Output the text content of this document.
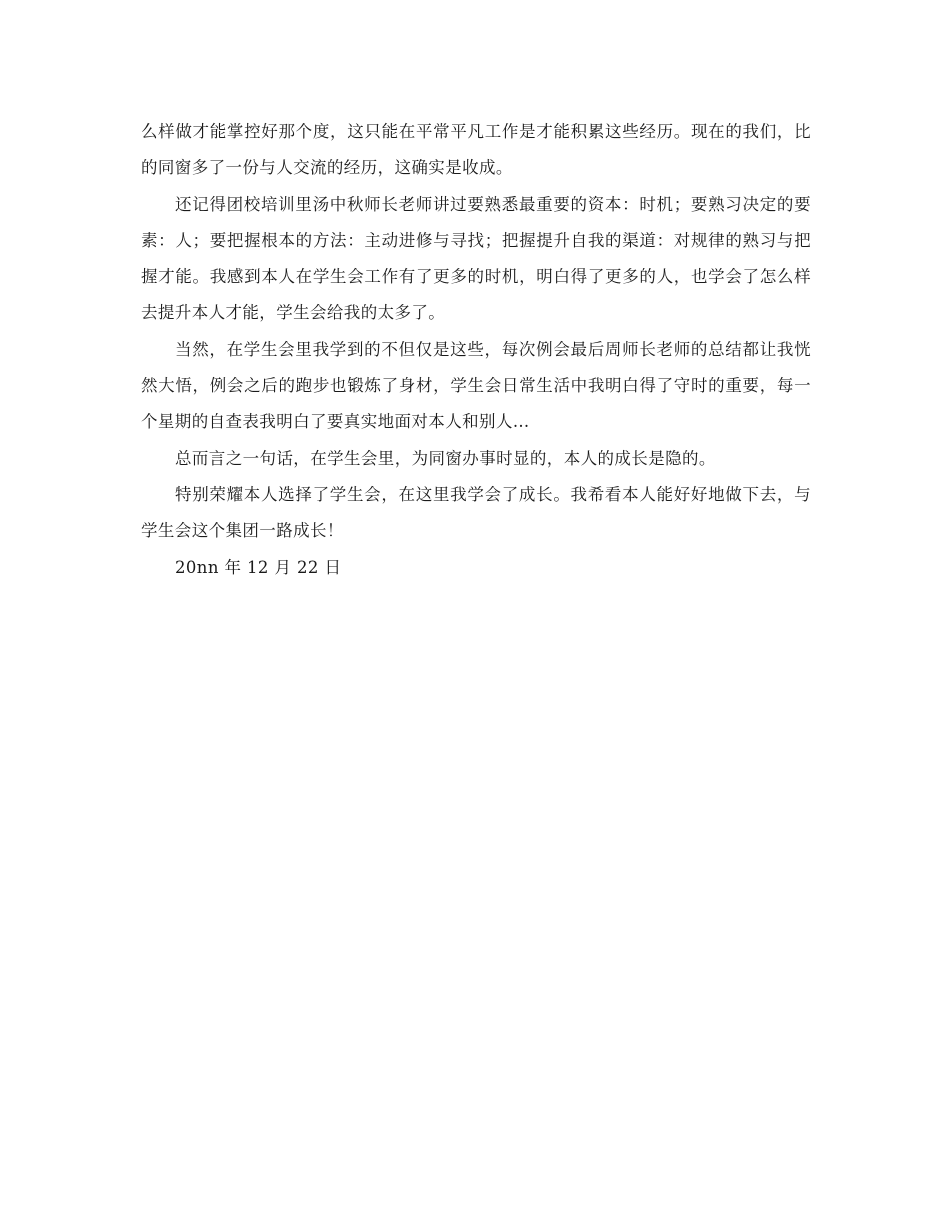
么样做才能掌控好那个度，这只能在平常平凡工作是才能积累这些经历。现在的我们，比的同窗多了一份与人交流的经历，这确实是收成。

还记得团校培训里汤中秋师长老师讲过要熟悉最重要的资本：时机；要熟习决定的要素：人；要把握根本的方法：主动进修与寻找；把握提升自我的渠道：对规律的熟习与把握才能。我感到本人在学生会工作有了更多的时机，明白得了更多的人，也学会了怎么样去提升本人才能，学生会给我的太多了。

当然，在学生会里我学到的不但仅是这些，每次例会最后周师长老师的总结都让我恍然大悟，例会之后的跑步也锻炼了身材，学生会日常生活中我明白得了守时的重要，每一个星期的自查表我明白了要真实地面对本人和别人…

总而言之一句话，在学生会里，为同窗办事时显的，本人的成长是隐的。

特别荣耀本人选择了学生会，在这里我学会了成长。我希看本人能好好地做下去，与学生会这个集团一路成长！

20nn 年 12 月 22 日
